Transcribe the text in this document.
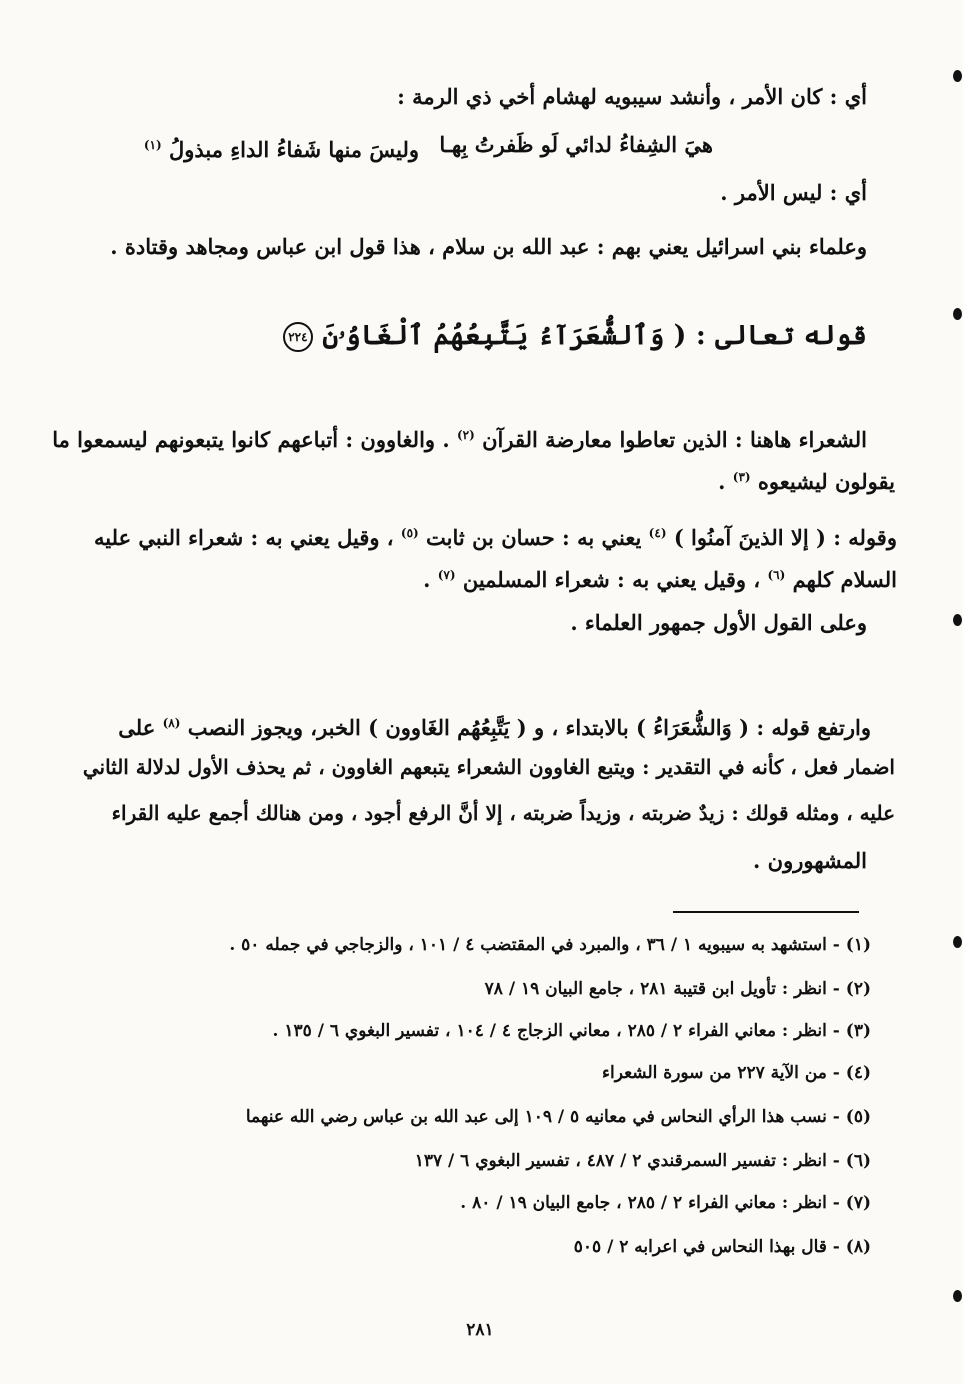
أي : كان الأمر ، وأنشد سيبويه لهشام أخي ذي الرمة :
هيَ الشِفاءُ لدائي لَو ظَفرتُ بِهـا
وليسَ منها شَفاءُ الداءِ مبذولُ $^{(١)}$
أي : ليس الأمر .
وعلماء بني اسرائيل يعني بهم : عبد الله بن سلام ، هذا قول ابن عباس ومجاهد وقتادة .
قوله تعالى : ( وَٱلشُّعَرَآءُ يَتَّبِعُهُمُ ٱلْغَاوُۥنَ ٢٢٤
الشعراء هاهنا : الذين تعاطوا معارضة القرآن $^{(٢)}$ . والغاوون : أتباعهم كانوا يتبعونهم ليسمعوا ما
يقولون ليشيعوه $^{(٣)}$ .
وقوله : ( إلا الذينَ آمنُوا ) $^{(٤)}$ يعني به : حسان بن ثابت $^{(٥)}$ ، وقيل يعني به : شعراء النبي عليه
السلام كلهم $^{(٦)}$ ، وقيل يعني به : شعراء المسلمين $^{(٧)}$ .
وعلى القول الأول جمهور العلماء .
وارتفع قوله : ( وَالشُّعَرَاءُ ) بالابتداء ، و ( يَتَّبِعُهُم الغَاوون ) الخبر، ويجوز النصب $^{(٨)}$ على
اضمار فعل ، كأنه في التقدير : ويتبع الغاوون الشعراء يتبعهم الغاوون ، ثم يحذف الأول لدلالة الثاني
عليه ، ومثله قولك : زيدٌ ضربته ، وزيداً ضربته ، إلا أنَّ الرفع أجود ، ومن هنالك أجمع عليه القراء
المشهورون .
(١) - استشهد به سيبويه ١ / ٣٦ ، والمبرد في المقتضب ٤ / ١٠١ ، والزجاجي في جمله ٥٠ .
(٢) - انظر : تأويل ابن قتيبة ٢٨١ ، جامع البيان ١٩ / ٧٨
(٣) - انظر : معاني الفراء ٢ / ٢٨٥ ، معاني الزجاج ٤ / ١٠٤ ، تفسير البغوي ٦ / ١٣٥ .
(٤) - من الآية ٢٢٧ من سورة الشعراء
(٥) - نسب هذا الرأي النحاس في معانيه ٥ / ١٠٩ إلى عبد الله بن عباس رضي الله عنهما
(٦) - انظر : تفسير السمرقندي ٢ / ٤٨٧ ، تفسير البغوي ٦ / ١٣٧
(٧) - انظر : معاني الفراء ٢ / ٢٨٥ ، جامع البيان ١٩ / ٨٠ .
(٨) - قال بهذا النحاس في اعرابه ٢ / ٥٠٥
٢٨١
